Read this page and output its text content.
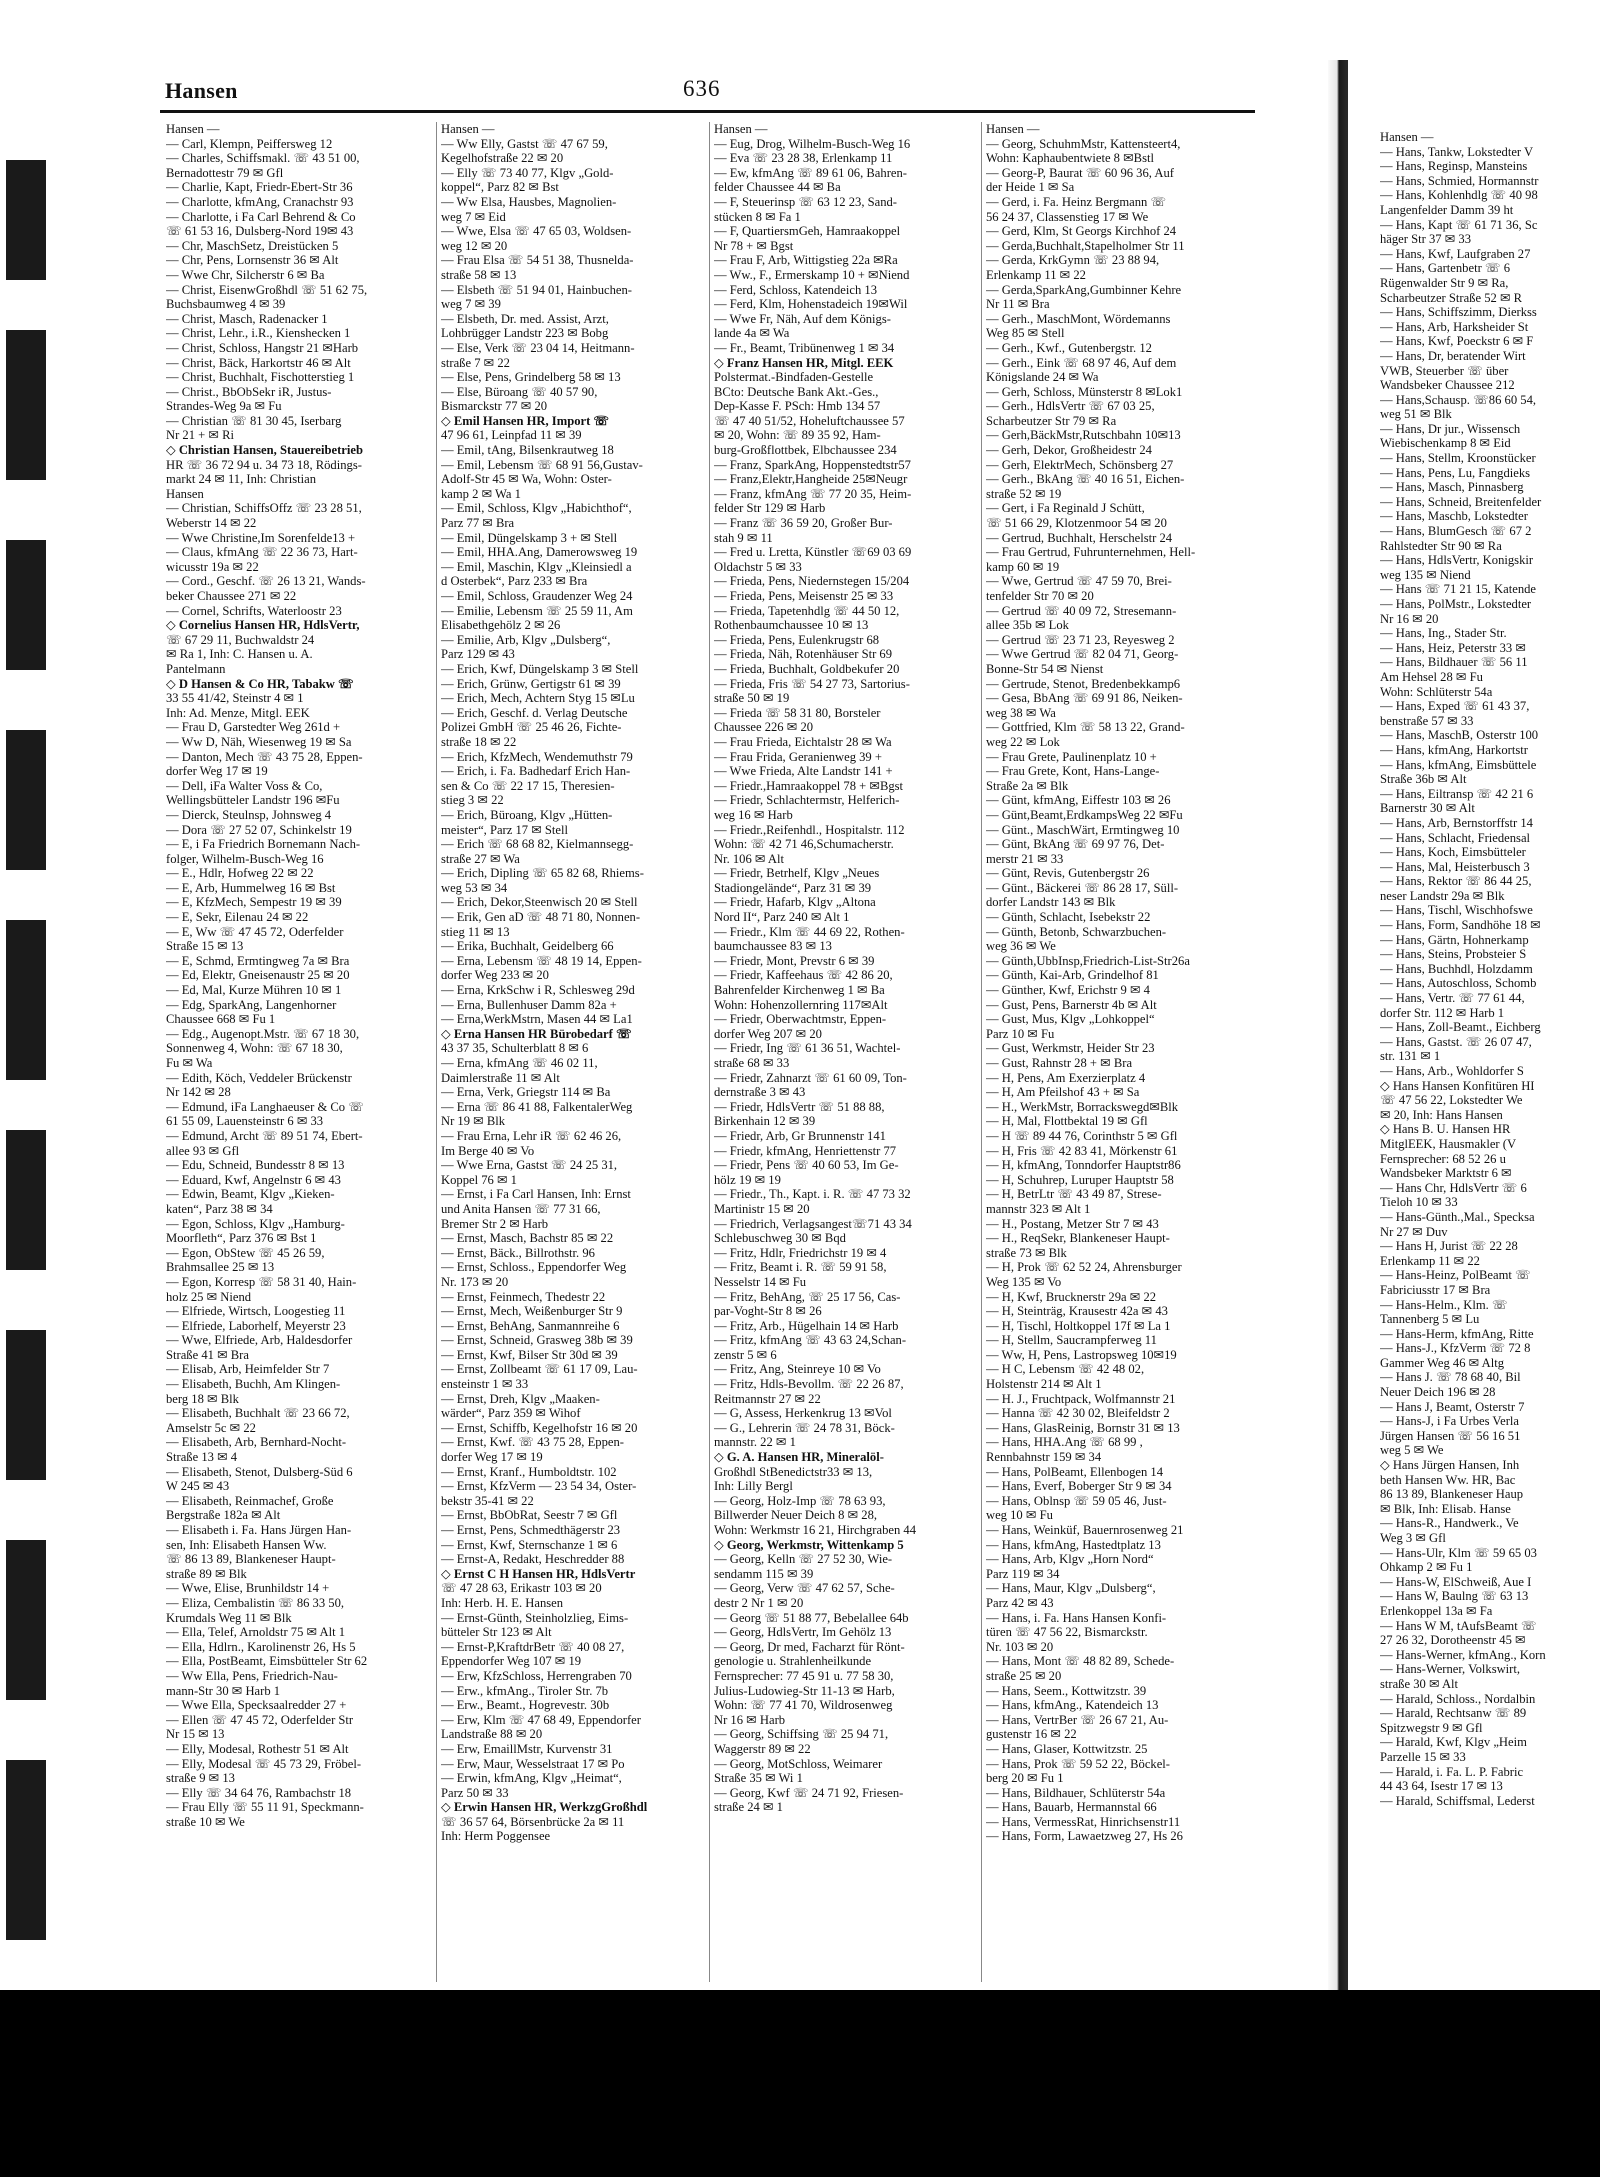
Hansen	636
Hansen —
— Carl, Klempn, Peiffersweg 12
— Charles, Schiffsmakl. ☏ 43 51 00,
Bernadottestr 79 ✉ Gfl
— Charlie, Kapt, Friedr-Ebert-Str 36
— Charlotte, kfmAng, Cranachstr 93
— Charlotte, i Fa Carl Behrend & Co
☏ 61 53 16, Dulsberg-Nord 19✉ 43
— Chr, MaschSetz, Dreistücken 5
— Chr, Pens, Lornsenstr 36 ✉ Alt
— Wwe Chr, Silcherstr 6 ✉ Ba
— Christ, EisenwGroßhdl ☏ 51 62 75,
Buchsbaumweg 4 ✉ 39
— Christ, Masch, Radenacker 1
— Christ, Lehr., i.R., Kienshecken 1
— Christ, Schloss, Hangstr 21 ✉Harb
— Christ, Bäck, Harkortstr 46 ✉ Alt
— Christ, Buchhalt, Fischotterstieg 1
— Christ., BbObSekr iR, Justus-
Strandes-Weg 9a ✉ Fu
— Christian ☏ 81 30 45, Iserbarg
Nr 21 + ✉ Ri
◇ Christian Hansen, Stauereibetrieb
HR ☏ 36 72 94 u. 34 73 18, Rödings-
markt 24 ✉ 11, Inh: Christian
Hansen
— Christian, SchiffsOffz ☏ 23 28 51,
Weberstr 14 ✉ 22
— Wwe Christine,Im Sorenfelde13 +
— Claus, kfmAng ☏ 22 36 73, Hart-
wicusstr 19a ✉ 22
— Cord., Geschf. ☏ 26 13 21, Wands-
beker Chaussee 271 ✉ 22
— Cornel, Schrifts, Waterloostr 23
◇ Cornelius Hansen HR, HdlsVertr,
☏ 67 29 11, Buchwaldstr 24
✉ Ra 1, Inh: C. Hansen u. A.
Pantelmann
◇ D Hansen & Co HR, Tabakw ☏
33 55 41/42, Steinstr 4 ✉ 1
Inh: Ad. Menze, Mitgl. EEK
— Frau D, Garstedter Weg 261d +
— Ww D, Näh, Wiesenweg 19 ✉ Sa
— Danton, Mech ☏ 43 75 28, Eppen-
dorfer Weg 17 ✉ 19
— Dell, iFa Walter Voss & Co,
Wellingsbütteler Landstr 196 ✉Fu
— Dierck, Steulnsp, Johnsweg 4
— Dora ☏ 27 52 07, Schinkelstr 19
— E, i Fa Friedrich Bornemann Nach-
folger, Wilhelm-Busch-Weg 16
— E., Hdlr, Hofweg 22 ✉ 22
— E, Arb, Hummelweg 16 ✉ Bst
— E, KfzMech, Sempestr 19 ✉ 39
— E, Sekr, Eilenau 24 ✉ 22
— E, Ww ☏ 47 45 72, Oderfelder
Straße 15 ✉ 13
— E, Schmd, Ermtingweg 7a ✉ Bra
— Ed, Elektr, Gneisenaustr 25 ✉ 20
— Ed, Mal, Kurze Mühren 10 ✉ 1
— Edg, SparkAng, Langenhorner
Chaussee 668 ✉ Fu 1
— Edg., Augenopt.Mstr. ☏ 67 18 30,
Sonnenweg 4, Wohn: ☏ 67 18 30,
Fu ✉ Wa
— Edith, Köch, Veddeler Brückenstr
Nr 142 ✉ 28
— Edmund, iFa Langhaeuser & Co ☏
61 55 09, Lauensteinstr 6 ✉ 33
— Edmund, Archt ☏ 89 51 74, Ebert-
allee 93 ✉ Gfl
— Edu, Schneid, Bundesstr 8 ✉ 13
— Eduard, Kwf, Angelnstr 6 ✉ 43
— Edwin, Beamt, Klgv „Kieken-
katen“, Parz 38 ✉ 34
— Egon, Schloss, Klgv „Hamburg-
Moorfleth“, Parz 376 ✉ Bst 1
— Egon, ObStew ☏ 45 26 59,
Brahmsallee 25 ✉ 13
— Egon, Korresp ☏ 58 31 40, Hain-
holz 25 ✉ Niend
— Elfriede, Wirtsch, Loogestieg 11
— Elfriede, Laborhelf, Meyerstr 23
— Wwe, Elfriede, Arb, Haldesdorfer
Straße 41 ✉ Bra
— Elisab, Arb, Heimfelder Str 7
— Elisabeth, Buchh, Am Klingen-
berg 18 ✉ Blk
— Elisabeth, Buchhalt ☏ 23 66 72,
Amselstr 5c ✉ 22
— Elisabeth, Arb, Bernhard-Nocht-
Straße 13 ✉ 4
— Elisabeth, Stenot, Dulsberg-Süd 6
W 245 ✉ 43
— Elisabeth, Reinmachef, Große
Bergstraße 182a ✉ Alt
— Elisabeth i. Fa. Hans Jürgen Han-
sen, Inh: Elisabeth Hansen Ww.
☏ 86 13 89, Blankeneser Haupt-
straße 89 ✉ Blk
— Wwe, Elise, Brunhildstr 14 +
— Eliza, Cembalistin ☏ 86 33 50,
Krumdals Weg 11 ✉ Blk
— Ella, Telef, Arnoldstr 75 ✉ Alt 1
— Ella, Hdlrn., Karolinenstr 26, Hs 5
— Ella, PostBeamt, Eimsbütteler Str 62
— Ww Ella, Pens, Friedrich-Nau-
mann-Str 30 ✉ Harb 1
— Wwe Ella, Specksaalredder 27 +
— Ellen ☏ 47 45 72, Oderfelder Str
Nr 15 ✉ 13
— Elly, Modesal, Rothestr 51 ✉ Alt
— Elly, Modesal ☏ 45 73 29, Fröbel-
straße 9 ✉ 13
— Elly ☏ 34 64 76, Rambachstr 18
— Frau Elly ☏ 55 11 91, Speckmann-
straße 10 ✉ We
Hansen —
— Ww Elly, Gastst ☏ 47 67 59,
Kegelhofstraße 22 ✉ 20
— Elly ☏ 73 40 77, Klgv „Gold-
koppel“, Parz 82 ✉ Bst
— Ww Elsa, Hausbes, Magnolien-
weg 7 ✉ Eid
— Wwe, Elsa ☏ 47 65 03, Woldsen-
weg 12 ✉ 20
— Frau Elsa ☏ 54 51 38, Thusnelda-
straße 58 ✉ 13
— Elsbeth ☏ 51 94 01, Hainbuchen-
weg 7 ✉ 39
— Elsbeth, Dr. med. Assist, Arzt,
Lohbrügger Landstr 223 ✉ Bobg
— Else, Verk ☏ 23 04 14, Heitmann-
straße 7 ✉ 22
— Else, Pens, Grindelberg 58 ✉ 13
— Else, Büroang ☏ 40 57 90,
Bismarckstr 77 ✉ 20
◇ Emil Hansen HR, Import ☏
47 96 61, Leinpfad 11 ✉ 39
— Emil, tAng, Bilsenkrautweg 18
— Emil, Lebensm ☏ 68 91 56,Gustav-
Adolf-Str 45 ✉ Wa, Wohn: Oster-
kamp 2 ✉ Wa 1
— Emil, Schloss, Klgv „Habichthof“,
Parz 77 ✉ Bra
— Emil, Düngelskamp 3 + ✉ Stell
— Emil, HHA.Ang, Damerowsweg 19
— Emil, Maschin, Klgv „Kleinsiedl a
d Osterbek“, Parz 233 ✉ Bra
— Emil, Schloss, Graudenzer Weg 24
— Emilie, Lebensm ☏ 25 59 11, Am
Elisabethgehölz 2 ✉ 26
— Emilie, Arb, Klgv „Dulsberg“,
Parz 129 ✉ 43
— Erich, Kwf, Düngelskamp 3 ✉ Stell
— Erich, Grünw, Gertigstr 61 ✉ 39
— Erich, Mech, Achtern Styg 15 ✉Lu
— Erich, Geschf. d. Verlag Deutsche
Polizei GmbH ☏ 25 46 26, Fichte-
straße 18 ✉ 22
— Erich, KfzMech, Wendemuthstr 79
— Erich, i. Fa. Badhedarf Erich Han-
sen & Co ☏ 22 17 15, Theresien-
stieg 3 ✉ 22
— Erich, Büroang, Klgv „Hütten-
meister“, Parz 17 ✉ Stell
— Erich ☏ 68 68 82, Kielmannsegg-
straße 27 ✉ Wa
— Erich, Dipling ☏ 65 82 68, Rhiems-
weg 53 ✉ 34
— Erich, Dekor,Steenwisch 20 ✉ Stell
— Erik, Gen aD ☏ 48 71 80, Nonnen-
stieg 11 ✉ 13
— Erika, Buchhalt, Geidelberg 66
— Erna, Lebensm ☏ 48 19 14, Eppen-
dorfer Weg 233 ✉ 20
— Erna, KrkSchw i R, Schlesweg 29d
— Erna, Bullenhuser Damm 82a +
— Erna,WerkMstrn, Masen 44 ✉ La1
◇ Erna Hansen HR Bürobedarf ☏
43 37 35, Schulterblatt 8 ✉ 6
— Erna, kfmAng ☏ 46 02 11,
Daimlerstraße 11 ✉ Alt
— Erna, Verk, Griegstr 114 ✉ Ba
— Erna ☏ 86 41 88, FalkentalerWeg
Nr 19 ✉ Blk
— Frau Erna, Lehr iR ☏ 62 46 26,
Im Berge 40 ✉ Vo
— Wwe Erna, Gastst ☏ 24 25 31,
Koppel 76 ✉ 1
— Ernst, i Fa Carl Hansen, Inh: Ernst
und Anita Hansen ☏ 77 31 66,
Bremer Str 2 ✉ Harb
— Ernst, Masch, Bachstr 85 ✉ 22
— Ernst, Bäck., Billrothstr. 96
— Ernst, Schloss., Eppendorfer Weg
Nr. 173 ✉ 20
— Ernst, Feinmech, Thedestr 22
— Ernst, Mech, Weißenburger Str 9
— Ernst, BehAng, Sanmannreihe 6
— Ernst, Schneid, Grasweg 38b ✉ 39
— Ernst, Kwf, Bilser Str 30d ✉ 39
— Ernst, Zollbeamt ☏ 61 17 09, Lau-
ensteinstr 1 ✉ 33
— Ernst, Dreh, Klgv „Maaken-
wärder“, Parz 359 ✉ Wihof
— Ernst, Schiffb, Kegelhofstr 16 ✉ 20
— Ernst, Kwf. ☏ 43 75 28, Eppen-
dorfer Weg 17 ✉ 19
— Ernst, Kranf., Humboldtstr. 102
— Ernst, KfzVerm — 23 54 34, Oster-
bekstr 35-41 ✉ 22
— Ernst, BbObRat, Seestr 7 ✉ Gfl
— Ernst, Pens, Schmedthägerstr 23
— Ernst, Kwf, Sternschanze 1 ✉ 6
— Ernst-A, Redakt, Heschredder 88
◇ Ernst C H Hansen HR, HdlsVertr
☏ 47 28 63, Erikastr 103 ✉ 20
Inh: Herb. H. E. Hansen
— Ernst-Günth, Steinholzlieg, Eims-
bütteler Str 123 ✉ Alt
— Ernst-P,KraftdrBetr ☏ 40 08 27,
Eppendorfer Weg 107 ✉ 19
— Erw, KfzSchloss, Herrengraben 70
— Erw., kfmAng., Tiroler Str. 7b
— Erw., Beamt., Hogrevestr. 30b
— Erw, Klm ☏ 47 68 49, Eppendorfer
Landstraße 88 ✉ 20
— Erw, EmaillMstr, Kurvenstr 31
— Erw, Maur, Wesselstraat 17 ✉ Po
— Erwin, kfmAng, Klgv „Heimat“,
Parz 50 ✉ 33
◇ Erwin Hansen HR, WerkzgGroßhdl
☏ 36 57 64, Börsenbrücke 2a ✉ 11
Inh: Herm Poggensee
Hansen —
— Eug, Drog, Wilhelm-Busch-Weg 16
— Eva ☏ 23 28 38, Erlenkamp 11
— Ew, kfmAng ☏ 89 61 06, Bahren-
felder Chaussee 44 ✉ Ba
— F, Steuerinsp ☏ 63 12 23, Sand-
stücken 8 ✉ Fa 1
— F, QuartiersmGeh, Hamraakoppel
Nr 78 + ✉ Bgst
— Frau F, Arb, Wittigstieg 22a ✉Ra
— Ww., F., Ermerskamp 10 + ✉Niend
— Ferd, Schloss, Katendeich 13
— Ferd, Klm, Hohenstadeich 19✉Wil
— Wwe Fr, Näh, Auf dem Königs-
lande 4a ✉ Wa
— Fr., Beamt, Tribünenweg 1 ✉ 34
◇ Franz Hansen HR, Mitgl. EEK
Polstermat.-Bindfaden-Gestelle
BCto: Deutsche Bank Akt.-Ges.,
Dep-Kasse F. PSch: Hmb 134 57
☏ 47 40 51/52, Hoheluftchaussee 57
✉ 20, Wohn: ☏ 89 35 92, Ham-
burg-Großflottbek, Elbchaussee 234
— Franz, SparkAng, Hoppenstedtstr57
— Franz,Elektr,Hangheide 25✉Neugr
— Franz, kfmAng ☏ 77 20 35, Heim-
felder Str 129 ✉ Harb
— Franz ☏ 36 59 20, Großer Bur-
stah 9 ✉ 11
— Fred u. Lretta, Künstler ☏69 03 69
Oldachstr 5 ✉ 33
— Frieda, Pens, Niedernstegen 15/204
— Frieda, Pens, Meisenstr 25 ✉ 33
— Frieda, Tapetenhdlg ☏ 44 50 12,
Rothenbaumchaussee 10 ✉ 13
— Frieda, Pens, Eulenkrugstr 68
— Frieda, Näh, Rotenhäuser Str 69
— Frieda, Buchhalt, Goldbekufer 20
— Frieda, Fris ☏ 54 27 73, Sartorius-
straße 50 ✉ 19
— Frieda ☏ 58 31 80, Borsteler
Chaussee 226 ✉ 20
— Frau Frieda, Eichtalstr 28 ✉ Wa
— Frau Frida, Geranienweg 39 +
— Wwe Frieda, Alte Landstr 141 +
— Friedr.,Hamraakoppel 78 + ✉Bgst
— Friedr, Schlachtermstr, Helferich-
weg 16 ✉ Harb
— Friedr.,Reifenhdl., Hospitalstr. 112
Wohn: ☏ 42 71 46,Schumacherstr.
Nr. 106 ✉ Alt
— Friedr, Betrhelf, Klgv „Neues
Stadiongelände“, Parz 31 ✉ 39
— Friedr, Hafarb, Klgv „Altona
Nord II“, Parz 240 ✉ Alt 1
— Friedr., Klm ☏ 44 69 22, Rothen-
baumchaussee 83 ✉ 13
— Friedr, Mont, Prevstr 6 ✉ 39
— Friedr, Kaffeehaus ☏ 42 86 20,
Bahrenfelder Kirchenweg 1 ✉ Ba
Wohn: Hohenzollernring 117✉Alt
— Friedr, Oberwachtmstr, Eppen-
dorfer Weg 207 ✉ 20
— Friedr, Ing ☏ 61 36 51, Wachtel-
straße 68 ✉ 33
— Friedr, Zahnarzt ☏ 61 60 09, Ton-
dernstraße 3 ✉ 43
— Friedr, HdlsVertr ☏ 51 88 88,
Birkenhain 12 ✉ 39
— Friedr, Arb, Gr Brunnenstr 141
— Friedr, kfmAng, Henriettenstr 77
— Friedr, Pens ☏ 40 60 53, Im Ge-
hölz 19 ✉ 19
— Friedr., Th., Kapt. i. R. ☏ 47 73 32
Martinistr 15 ✉ 20
— Friedrich, Verlagsangest☏71 43 34
Schlebuschweg 30 ✉ Bqd
— Fritz, Hdlr, Friedrichstr 19 ✉ 4
— Fritz, Beamt i. R. ☏ 59 91 58,
Nesselstr 14 ✉ Fu
— Fritz, BehAng, ☏ 25 17 56, Cas-
par-Voght-Str 8 ✉ 26
— Fritz, Arb., Hügelhain 14 ✉ Harb
— Fritz, kfmAng ☏ 43 63 24,Schan-
zenstr 5 ✉ 6
— Fritz, Ang, Steinreye 10 ✉ Vo
— Fritz, Hdls-Bevollm. ☏ 22 26 87,
Reitmannstr 27 ✉ 22
— G, Assess, Herkenkrug 13 ✉Vol
— G., Lehrerin ☏ 24 78 31, Böck-
mannstr. 22 ✉ 1
◇ G. A. Hansen HR, Mineralöl-
Großhdl StBenedictstr33 ✉ 13,
Inh: Lilly Bergl
— Georg, Holz-Imp ☏ 78 63 93,
Billwerder Neuer Deich 8 ✉ 28,
Wohn: Werkmstr 16 21, Hirchgraben 44
◇ Georg, Werkmstr, Wittenkamp 5
— Georg, Kelln ☏ 27 52 30, Wie-
sendamm 115 ✉ 39
— Georg, Verw ☏ 47 62 57, Sche-
destr 2 Nr 1 ✉ 20
— Georg ☏ 51 88 77, Bebelallee 64b
— Georg, HdlsVertr, Im Gehölz 13
— Georg, Dr med, Facharzt für Rönt-
genologie u. Strahlenheilkunde
Fernsprecher: 77 45 91 u. 77 58 30,
Julius-Ludowieg-Str 11-13 ✉ Harb,
Wohn: ☏ 77 41 70, Wildrosenweg
Nr 16 ✉ Harb
— Georg, Schiffsing ☏ 25 94 71,
Waggerstr 89 ✉ 22
— Georg, MotSchloss, Weimarer
Straße 35 ✉ Wi 1
— Georg, Kwf ☏ 24 71 92, Friesen-
straße 24 ✉ 1
Hansen —
— Georg, SchuhmMstr, Kattensteert4,
Wohn: Kaphaubentwiete 8 ✉Bstl
— Georg-P, Baurat ☏ 60 96 36, Auf
der Heide 1 ✉ Sa
— Gerd, i. Fa. Heinz Bergmann ☏
56 24 37, Classenstieg 17 ✉ We
— Gerd, Klm, St Georgs Kirchhof 24
— Gerda,Buchhalt,Stapelholmer Str 11
— Gerda, KrkGymn ☏ 23 88 94,
Erlenkamp 11 ✉ 22
— Gerda,SparkAng,Gumbinner Kehre
Nr 11 ✉ Bra
— Gerh., MaschMont, Wördemanns
Weg 85 ✉ Stell
— Gerh., Kwf., Gutenbergstr. 12
— Gerh., Eink ☏ 68 97 46, Auf dem
Königslande 24 ✉ Wa
— Gerh, Schloss, Münsterstr 8 ✉Lok1
— Gerh., HdlsVertr ☏ 67 03 25,
Scharbeutzer Str 79 ✉ Ra
— Gerh,BäckMstr,Rutschbahn 10✉13
— Gerh, Dekor, Großheidestr 24
— Gerh, ElektrMech, Schönsberg 27
— Gerh., BkAng ☏ 40 16 51, Eichen-
straße 52 ✉ 19
— Gert, i Fa Reginald J Schütt,
☏ 51 66 29, Klotzenmoor 54 ✉ 20
— Gertrud, Buchhalt, Herschelstr 24
— Frau Gertrud, Fuhrunternehmen, Hell-
kamp 60 ✉ 19
— Wwe, Gertrud ☏ 47 59 70, Brei-
tenfelder Str 70 ✉ 20
— Gertrud ☏ 40 09 72, Stresemann-
allee 35b ✉ Lok
— Gertrud ☏ 23 71 23, Reyesweg 2
— Wwe Gertrud ☏ 82 04 71, Georg-
Bonne-Str 54 ✉ Nienst
— Gertrude, Stenot, Bredenbekkamp6
— Gesa, BbAng ☏ 69 91 86, Neiken-
weg 38 ✉ Wa
— Gottfried, Klm ☏ 58 13 22, Grand-
weg 22 ✉ Lok
— Frau Grete, Paulinenplatz 10 +
— Frau Grete, Kont, Hans-Lange-
Straße 2a ✉ Blk
— Günt, kfmAng, Eiffestr 103 ✉ 26
— Günt,Beamt,ErdkampsWeg 22 ✉Fu
— Günt., MaschWärt, Ermtingweg 10
— Günt, BkAng ☏ 69 97 76, Det-
merstr 21 ✉ 33
— Günt, Revis, Gutenbergstr 26
— Günt., Bäckerei ☏ 86 28 17, Süll-
dorfer Landstr 143 ✉ Blk
— Günth, Schlacht, Isebekstr 22
— Günth, Betonb, Schwarzbuchen-
weg 36 ✉ We
— Günth,UbbInsp,Friedrich-List-Str26a
— Günth, Kai-Arb, Grindelhof 81
— Günther, Kwf, Erichstr 9 ✉ 4
— Gust, Pens, Barnerstr 4b ✉ Alt
— Gust, Mus, Klgv „Lohkoppel“
Parz 10 ✉ Fu
— Gust, Werkmstr, Heider Str 23
— Gust, Rahnstr 28 + ✉ Bra
— H, Pens, Am Exerzierplatz 4
— H, Am Pfeilshof 43 + ✉ Sa
— H., WerkMstr, Borrackswegd✉Blk
— H, Mal, Flottbektal 19 ✉ Gfl
— H ☏ 89 44 76, Corinthstr 5 ✉ Gfl
— H, Fris ☏ 42 83 41, Mörkenstr 61
— H, kfmAng, Tonndorfer Hauptstr86
— H, Schuhrep, Luruper Hauptstr 58
— H, BetrLtr ☏ 43 49 87, Strese-
mannstr 323 ✉ Alt 1
— H., Postang, Metzer Str 7 ✉ 43
— H., ReqSekr, Blankeneser Haupt-
straße 73 ✉ Blk
— H, Prok ☏ 62 52 24, Ahrensburger
Weg 135 ✉ Vo
— H, Kwf, Brucknerstr 29a ✉ 22
— H, Steinträg, Krausestr 42a ✉ 43
— H, Tischl, Holtkoppel 17f ✉ La 1
— H, Stellm, Saucrampferweg 11
— Ww, H, Pens, Lastropsweg 10✉19
— H C, Lebensm ☏ 42 48 02,
Holstenstr 214 ✉ Alt 1
— H. J., Fruchtpack, Wolfmannstr 21
— Hanna ☏ 42 30 02, Bleifeldstr 2
— Hans, GlasReinig, Bornstr 31 ✉ 13
— Hans, HHA.Ang ☏ 68 99 ,
Rennbahnstr 159 ✉ 34
— Hans, PolBeamt, Ellenbogen 14
— Hans, Everf, Boberger Str 9 ✉ 34
— Hans, Oblnsp ☏ 59 05 46, Just-
weg 10 ✉ Fu
— Hans, Weinküf, Bauernrosenweg 21
— Hans, kfmAng, Hastedtplatz 13
— Hans, Arb, Klgv „Horn Nord“
Parz 119 ✉ 34
— Hans, Maur, Klgv „Dulsberg“,
Parz 42 ✉ 43
— Hans, i. Fa. Hans Hansen Konfi-
türen ☏ 47 56 22, Bismarckstr.
Nr. 103 ✉ 20
— Hans, Mont ☏ 48 82 89, Schede-
straße 25 ✉ 20
— Hans, Seem., Kottwitzstr. 39
— Hans, kfmAng., Katendeich 13
— Hans, VertrBer ☏ 26 67 21, Au-
gustenstr 16 ✉ 22
— Hans, Glaser, Kottwitzstr. 25
— Hans, Prok ☏ 59 52 22, Böckel-
berg 20 ✉ Fu 1
— Hans, Bildhauer, Schlüterstr 54a
— Hans, Bauarb, Hermannstal 66
— Hans, VermessRat, Hinrichsenstr11
— Hans, Form, Lawaetzweg 27, Hs 26
Hansen —
— Hans, Tankw, Lokstedter V
— Hans, Reginsp, Mansteins
— Hans, Schmied, Hormannstr
— Hans, Kohlenhdlg ☏ 40 98
Langenfelder Damm 39 ht
— Hans, Kapt ☏ 61 71 36, Sc
häger Str 37 ✉ 33
— Hans, Kwf, Laufgraben 27
— Hans, Gartenbetr ☏ 6
Rügenwalder Str 9 ✉ Ra,
Scharbeutzer Straße 52 ✉ R
— Hans, Schiffszimm, Dierkss
— Hans, Arb, Harksheider St
— Hans, Kwf, Poeckstr 6 ✉ F
— Hans, Dr, beratender Wirt
VWB, Steuerber ☏ über
Wandsbeker Chaussee 212
— Hans,Schausp. ☏86 60 54,
weg 51 ✉ Blk
— Hans, Dr jur., Wissensch
Wiebischenkamp 8 ✉ Eid
— Hans, Stellm, Kroonstücker
— Hans, Pens, Lu, Fangdieks
— Hans, Masch, Pinnasberg
— Hans, Schneid, Breitenfelder
— Hans, Maschb, Lokstedter
— Hans, BlumGesch ☏ 67 2
Rahlstedter Str 90 ✉ Ra
— Hans, HdlsVertr, Konigskir
weg 135 ✉ Niend
— Hans ☏ 71 21 15, Katende
— Hans, PolMstr., Lokstedter
Nr 16 ✉ 20
— Hans, Ing., Stader Str.
— Hans, Heiz, Peterstr 33 ✉
— Hans, Bildhauer ☏ 56 11
Am Hehsel 28 ✉ Fu
Wohn: Schlüterstr 54a
— Hans, Exped ☏ 61 43 37,
benstraße 57 ✉ 33
— Hans, MaschB, Osterstr 100
— Hans, kfmAng, Harkortstr
— Hans, kfmAng, Eimsbüttele
Straße 36b ✉ Alt
— Hans, Eiltransp ☏ 42 21 6
Barnerstr 30 ✉ Alt
— Hans, Arb, Bernstorffstr 14
— Hans, Schlacht, Friedensal
— Hans, Koch, Eimsbütteler
— Hans, Mal, Heisterbusch 3
— Hans, Rektor ☏ 86 44 25,
neser Landstr 29a ✉ Blk
— Hans, Tischl, Wischhofswe
— Hans, Form, Sandhöhe 18 ✉
— Hans, Gärtn, Hohnerkamp
— Hans, Steins, Probsteier S
— Hans, Buchhdl, Holzdamm
— Hans, Autoschloss, Schomb
— Hans, Vertr. ☏ 77 61 44,
dorfer Str. 112 ✉ Harb 1
— Hans, Zoll-Beamt., Eichberg
— Hans, Gastst. ☏ 26 07 47,
str. 131 ✉ 1
— Hans, Arb., Wohldorfer S
◇ Hans Hansen Konfitüren HI
☏ 47 56 22, Lokstedter We
✉ 20, Inh: Hans Hansen
◇ Hans B. U. Hansen HR
MitglEEK, Hausmakler (V
Fernsprecher: 68 52 26 u
Wandsbeker Marktstr 6 ✉
— Hans Chr, HdlsVertr ☏ 6
Tieloh 10 ✉ 33
— Hans-Günth.,Mal., Specksa
Nr 27 ✉ Duv
— Hans H, Jurist ☏ 22 28
Erlenkamp 11 ✉ 22
— Hans-Heinz, PolBeamt ☏
Fabriciusstr 17 ✉ Bra
— Hans-Helm., Klm. ☏
Tannenberg 5 ✉ Lu
— Hans-Herm, kfmAng, Ritte
— Hans-J., KfzVerm ☏ 72 8
Gammer Weg 46 ✉ Altg
— Hans J. ☏ 78 68 40, Bil
Neuer Deich 196 ✉ 28
— Hans J, Beamt, Osterstr 7
— Hans-J, i Fa Urbes Verla
Jürgen Hansen ☏ 56 16 51
weg 5 ✉ We
◇ Hans Jürgen Hansen, Inh
beth Hansen Ww. HR, Bac
86 13 89, Blankeneser Haup
✉ Blk, Inh: Elisab. Hanse
— Hans-R., Handwerk., Ve
Weg 3 ✉ Gfl
— Hans-Ulr, Klm ☏ 59 65 03
Ohkamp 2 ✉ Fu 1
— Hans-W, ElSchweiß, Aue I
— Hans W, Baulng ☏ 63 13
Erlenkoppel 13a ✉ Fa
— Hans W M, tAufsBeamt ☏
27 26 32, Dorotheenstr 45 ✉
— Hans-Werner, kfmAng., Korn
— Hans-Werner, Volkswirt,
straße 30 ✉ Alt
— Harald, Schloss., Nordalbin
— Harald, Rechtsanw ☏ 89
Spitzwegstr 9 ✉ Gfl
— Harald, Kwf, Klgv „Heim
Parzelle 15 ✉ 33
— Harald, i. Fa. L. P. Fabric
44 43 64, Isestr 17 ✉ 13
— Harald, Schiffsmal, Lederst
